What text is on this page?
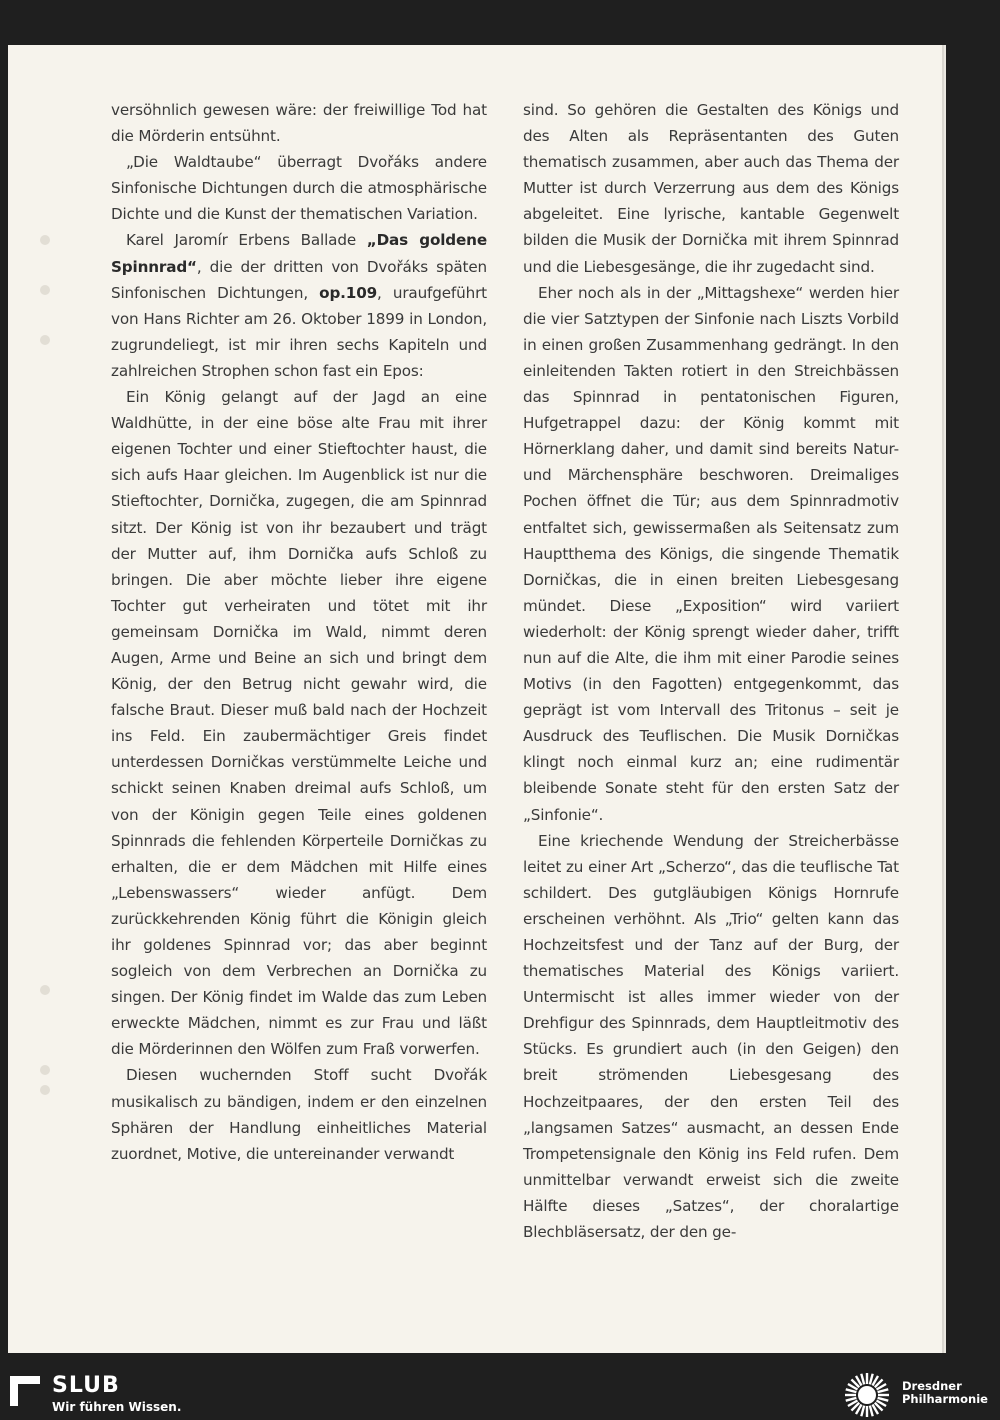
versöhnlich gewesen wäre: der freiwillige Tod hat die Mörderin entsühnt.

„Die Waldtaube“ überragt Dvořáks andere Sinfonische Dichtungen durch die atmosphärische Dichte und die Kunst der thematischen Variation.

Karel Jaromír Erbens Ballade „Das goldene Spinnrad“, die der dritten von Dvořáks späten Sinfonischen Dichtungen, op.109, uraufgeführt von Hans Richter am 26. Oktober 1899 in London, zugrundeliegt, ist mir ihren sechs Kapiteln und zahlreichen Strophen schon fast ein Epos:

Ein König gelangt auf der Jagd an eine Waldhütte, in der eine böse alte Frau mit ihrer eigenen Tochter und einer Stieftochter haust, die sich aufs Haar gleichen. Im Augenblick ist nur die Stieftochter, Dornička, zugegen, die am Spinnrad sitzt. Der König ist von ihr bezaubert und trägt der Mutter auf, ihm Dornička aufs Schloß zu bringen. Die aber möchte lieber ihre eigene Tochter gut verheiraten und tötet mit ihr gemeinsam Dornička im Wald, nimmt deren Augen, Arme und Beine an sich und bringt dem König, der den Betrug nicht gewahr wird, die falsche Braut. Dieser muß bald nach der Hochzeit ins Feld. Ein zaubermächtiger Greis findet unterdessen Dorničkas verstümmelte Leiche und schickt seinen Knaben dreimal aufs Schloß, um von der Königin gegen Teile eines goldenen Spinnrads die fehlenden Körperteile Dorničkas zu erhalten, die er dem Mädchen mit Hilfe eines „Lebenswassers“ wieder anfügt. Dem zurückkehrenden König führt die Königin gleich ihr goldenes Spinnrad vor; das aber beginnt sogleich von dem Verbrechen an Dornička zu singen. Der König findet im Walde das zum Leben erweckte Mädchen, nimmt es zur Frau und läßt die Mörderinnen den Wölfen zum Fraß vorwerfen.

Diesen wuchernden Stoff sucht Dvořák musikalisch zu bändigen, indem er den einzelnen Sphären der Handlung einheitliches Material zuordnet, Motive, die untereinander verwandt

sind. So gehören die Gestalten des Königs und des Alten als Repräsentanten des Guten thematisch zusammen, aber auch das Thema der Mutter ist durch Verzerrung aus dem des Königs abgeleitet. Eine lyrische, kantable Gegenwelt bilden die Musik der Dornička mit ihrem Spinnrad und die Liebesgesänge, die ihr zugedacht sind.

Eher noch als in der „Mittagshexe“ werden hier die vier Satztypen der Sinfonie nach Liszts Vorbild in einen großen Zusammenhang gedrängt. In den einleitenden Takten rotiert in den Streichbässen das Spinnrad in pentatonischen Figuren, Hufgetrappel dazu: der König kommt mit Hörnerklang daher, und damit sind bereits Natur- und Märchensphäre beschworen. Dreimaliges Pochen öffnet die Tür; aus dem Spinnradmotiv entfaltet sich, gewissermaßen als Seitensatz zum Hauptthema des Königs, die singende Thematik Dorničkas, die in einen breiten Liebesgesang mündet. Diese „Exposition“ wird variiert wiederholt: der König sprengt wieder daher, trifft nun auf die Alte, die ihm mit einer Parodie seines Motivs (in den Fagotten) entgegenkommt, das geprägt ist vom Intervall des Tritonus – seit je Ausdruck des Teuflischen. Die Musik Dorničkas klingt noch einmal kurz an; eine rudimentär bleibende Sonate steht für den ersten Satz der „Sinfonie“.

Eine kriechende Wendung der Streicherbässe leitet zu einer Art „Scherzo“, das die teuflische Tat schildert. Des gutgläubigen Königs Hornrufe erscheinen verhöhnt. Als „Trio“ gelten kann das Hochzeitsfest und der Tanz auf der Burg, der thematisches Material des Königs variiert. Untermischt ist alles immer wieder von der Drehfigur des Spinnrads, dem Hauptleitmotiv des Stücks. Es grundiert auch (in den Geigen) den breit strömenden Liebesgesang des Hochzeitpaares, der den ersten Teil des „langsamen Satzes“ ausmacht, an dessen Ende Trompetensignale den König ins Feld rufen. Dem unmittelbar verwandt erweist sich die zweite Hälfte dieses „Satzes“, der choralartige Blechbläsersatz, der den ge-

SLUB
Wir führen Wissen.
Dresdner
Philharmonie
